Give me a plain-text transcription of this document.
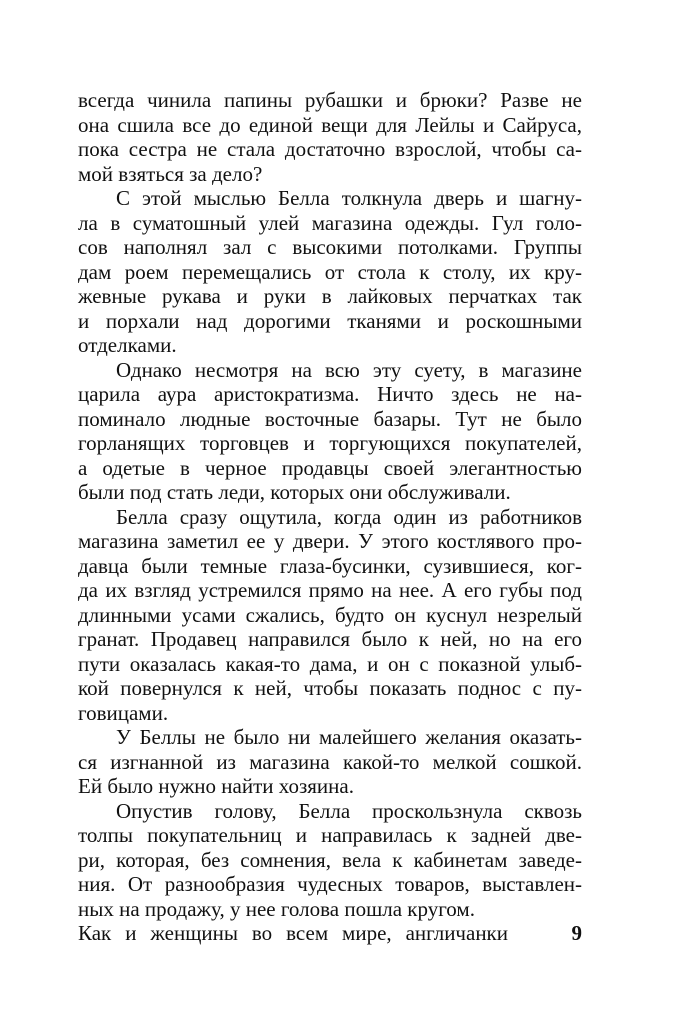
всегда чинила папины рубашки и брюки? Разве не
она сшила все до единой вещи для Лейлы и Сайруса,
пока сестра не стала достаточно взрослой, чтобы са-
мой взяться за дело?
С этой мыслью Белла толкнула дверь и шагну-
ла в суматошный улей магазина одежды. Гул голо-
сов наполнял зал с высокими потолками. Группы
дам роем перемещались от стола к столу, их кру-
жевные рукава и руки в лайковых перчатках так
и порхали над дорогими тканями и роскошными
отделками.
Однако несмотря на всю эту суету, в магазине
царила аура аристократизма. Ничто здесь не на-
поминало людные восточные базары. Тут не было
горланящих торговцев и торгующихся покупателей,
а одетые в черное продавцы своей элегантностью
были под стать леди, которых они обслуживали.
Белла сразу ощутила, когда один из работников
магазина заметил ее у двери. У этого костлявого про-
давца были темные глаза-бусинки, сузившиеся, ког-
да их взгляд устремился прямо на нее. А его губы под
длинными усами сжались, будто он куснул незрелый
гранат. Продавец направился было к ней, но на его
пути оказалась какая-то дама, и он с показной улыб-
кой повернулся к ней, чтобы показать поднос с пу-
говицами.
У Беллы не было ни малейшего желания оказать-
ся изгнанной из магазина какой-то мелкой сошкой.
Ей было нужно найти хозяина.
Опустив голову, Белла проскользнула сквозь
толпы покупательниц и направилась к задней две-
ри, которая, без сомнения, вела к кабинетам заведе-
ния. От разнообразия чудесных товаров, выставлен-
ных на продажу, у нее голова пошла кругом.
Как и женщины во всем мире, англичанки	9
